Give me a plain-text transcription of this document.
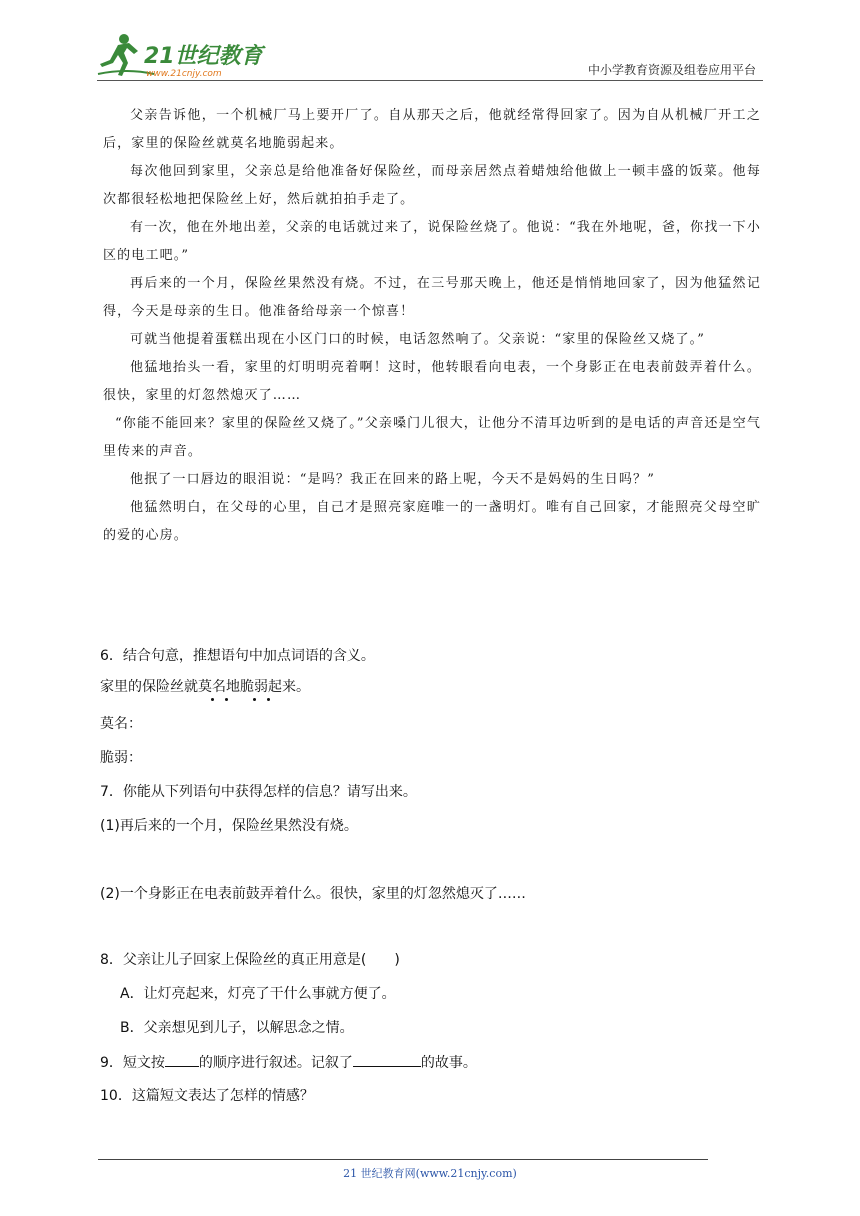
21世纪教育
www.21cnjy.com	中小学教育资源及组卷应用平台

父亲告诉他，一个机械厂马上要开厂了。自从那天之后，他就经常得回家了。因为自从机械厂开工之后，家里的保险丝就莫名地脆弱起来。

每次他回到家里，父亲总是给他准备好保险丝，而母亲居然点着蜡烛给他做上一顿丰盛的饭菜。他每次都很轻松地把保险丝上好，然后就拍拍手走了。

有一次，他在外地出差，父亲的电话就过来了，说保险丝烧了。他说：“我在外地呢，爸，你找一下小区的电工吧。”

再后来的一个月，保险丝果然没有烧。不过，在三号那天晚上，他还是悄悄地回家了，因为他猛然记得，今天是母亲的生日。他准备给母亲一个惊喜！

可就当他提着蛋糕出现在小区门口的时候，电话忽然响了。父亲说：“家里的保险丝又烧了。”

他猛地抬头一看，家里的灯明明亮着啊！这时，他转眼看向电表，一个身影正在电表前鼓弄着什么。很快，家里的灯忽然熄灭了……

“你能不能回来？家里的保险丝又烧了。”父亲嗓门儿很大，让他分不清耳边听到的是电话的声音还是空气里传来的声音。

他抿了一口唇边的眼泪说：“是吗？我正在回来的路上呢，今天不是妈妈的生日吗？”

他猛然明白，在父母的心里，自己才是照亮家庭唯一的一盏明灯。唯有自己回家，才能照亮父母空旷的爱的心房。

6．结合句意，推想语句中加点词语的含义。
家里的保险丝就莫名地脆弱起来。
莫名：
脆弱：
7．你能从下列语句中获得怎样的信息？请写出来。
(1)再后来的一个月，保险丝果然没有烧。
(2)一个身影正在电表前鼓弄着什么。很快，家里的灯忽然熄灭了……
8．父亲让儿子回家上保险丝的真正用意是(　　)
A．让灯亮起来，灯亮了干什么事就方便了。
B．父亲想见到儿子，以解思念之情。
9．短文按 的顺序进行叙述。记叙了	的故事。
10．这篇短文表达了怎样的情感？
21 世纪教育网(www.21cnjy.com)
